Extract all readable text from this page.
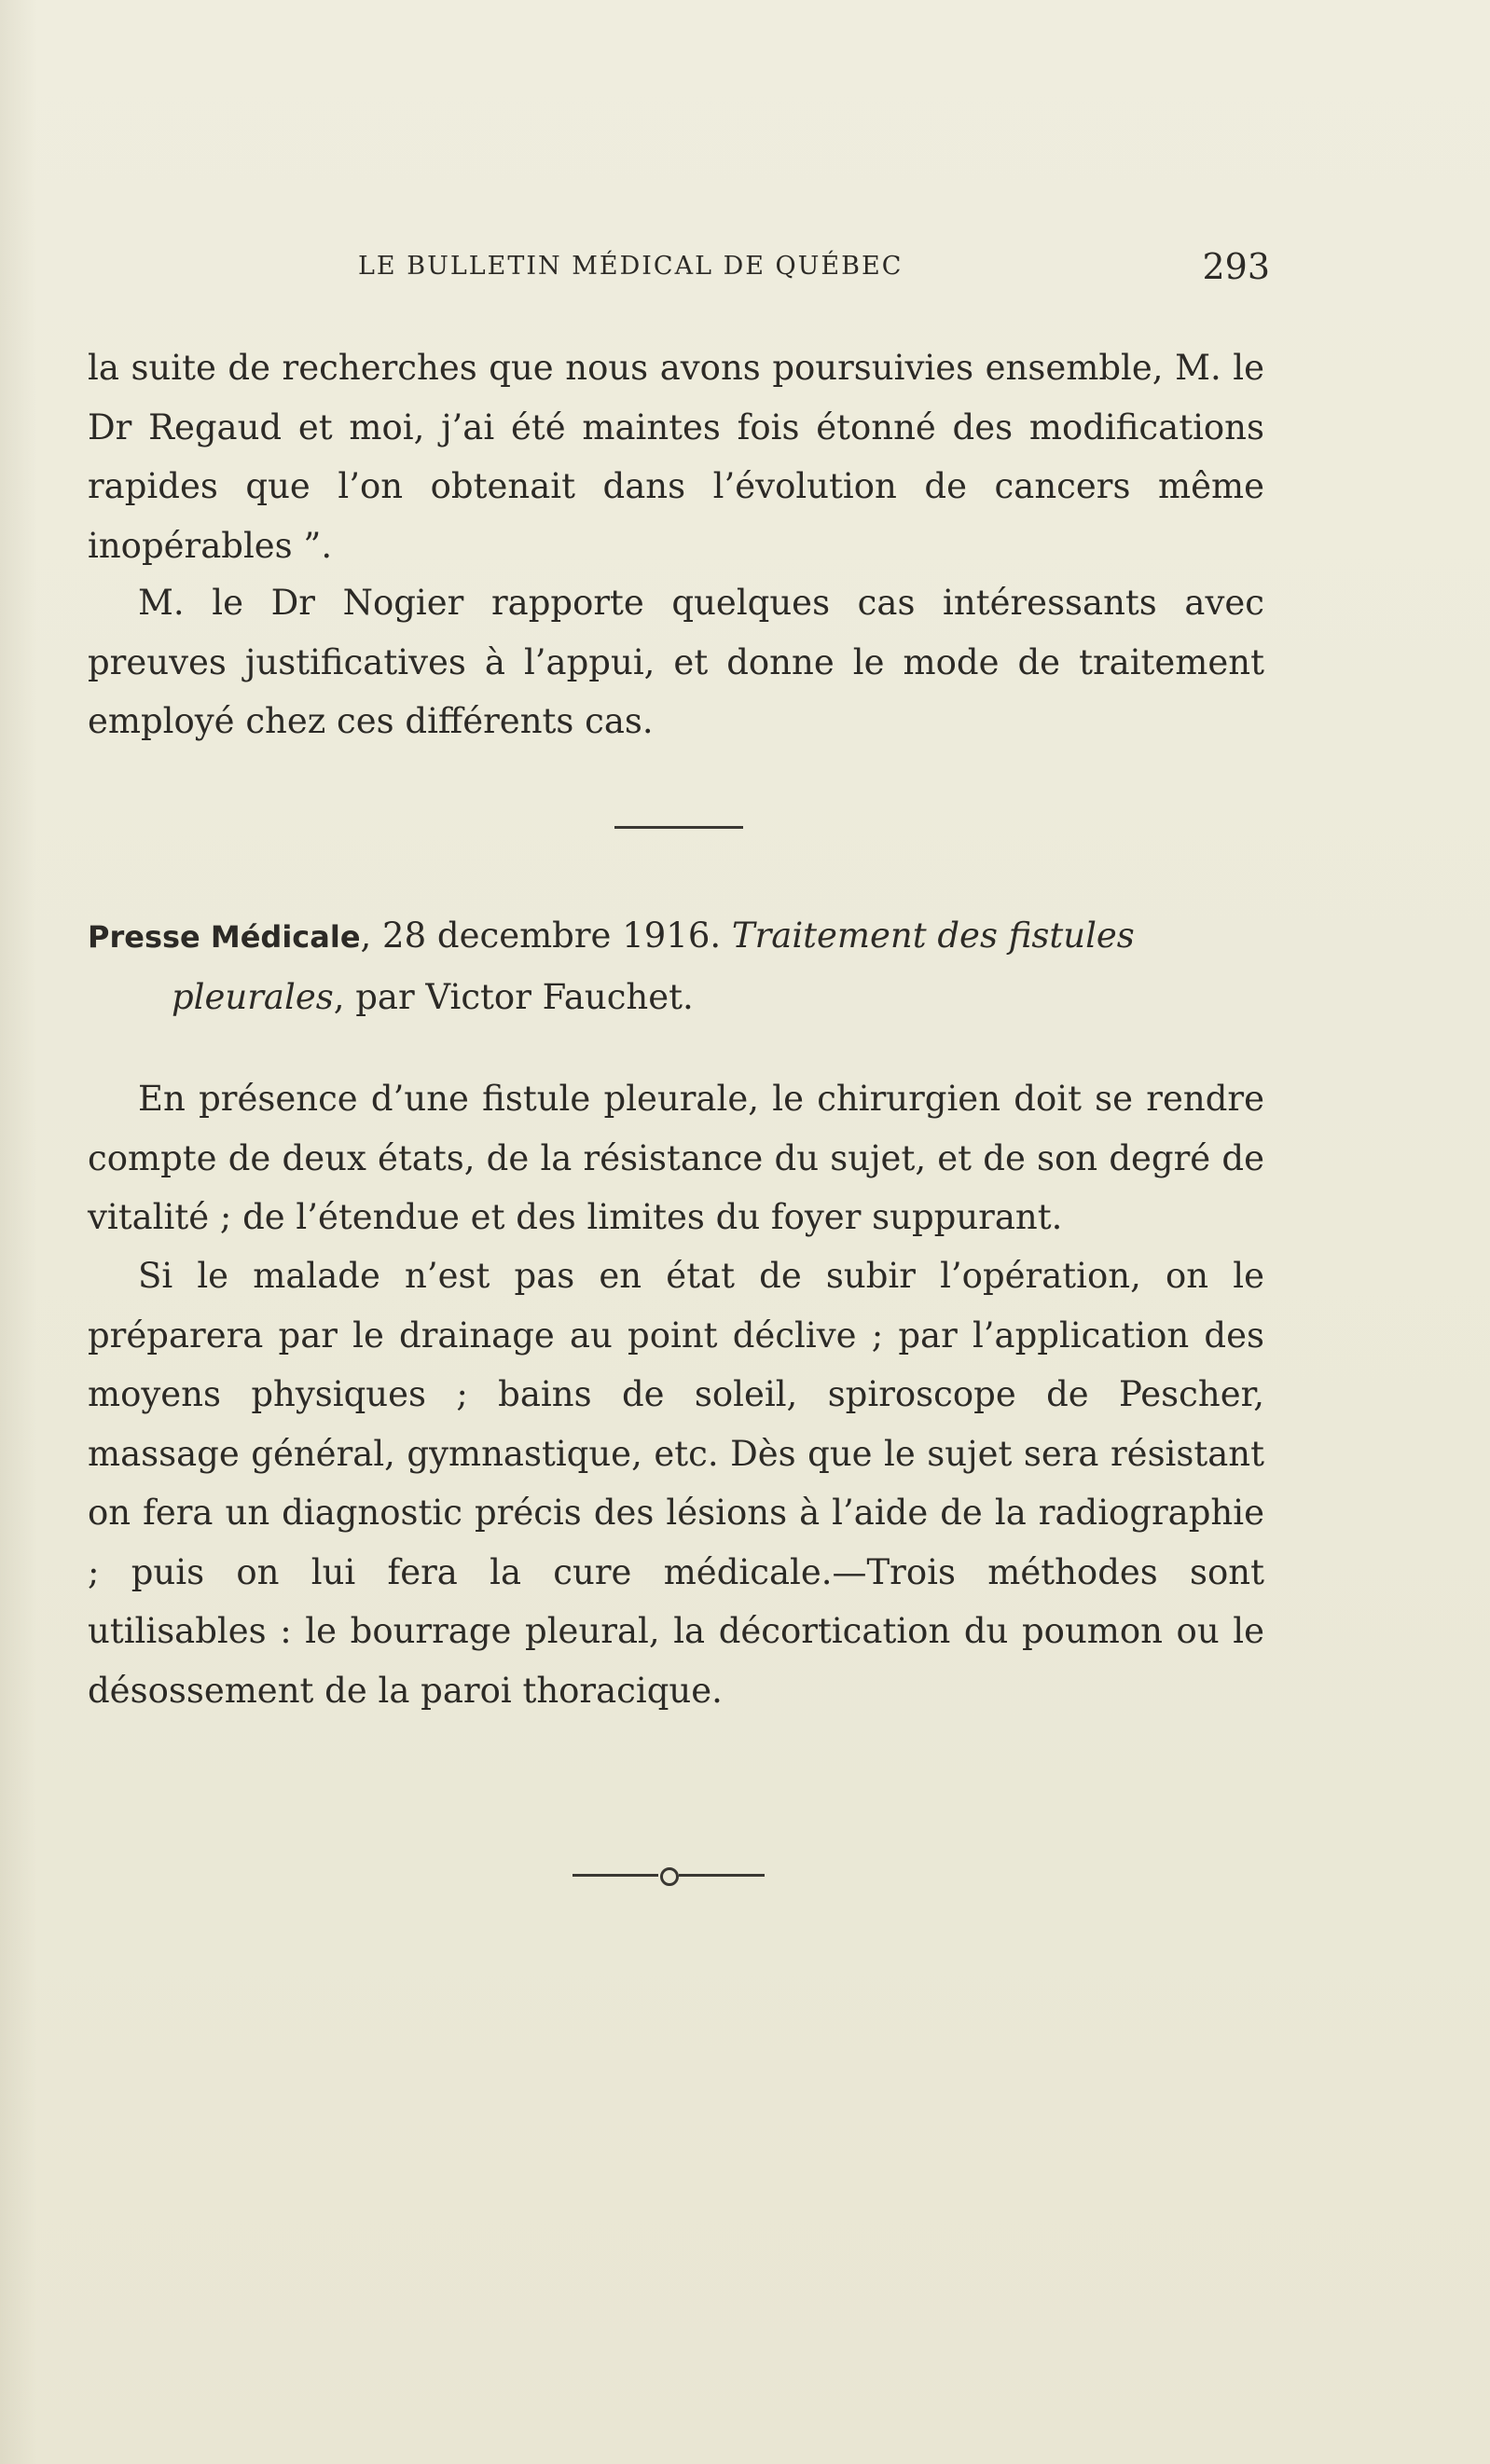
LE BULLETIN MÉDICAL DE QUÉBEC	293

la suite de recherches que nous avons poursuivies ensemble, M. le Dr Regaud et moi, j’ai été maintes fois étonné des modifications rapides que l’on obtenait dans l’évolution de cancers même inopérables ”.

M. le Dr Nogier rapporte quelques cas intéressants avec preuves justificatives à l’appui, et donne le mode de traitement employé chez ces différents cas.

Presse Médicale, 28 decembre 1916. Traitement des fistules pleurales, par Victor Fauchet.

En présence d’une fistule pleurale, le chirurgien doit se rendre compte de deux états, de la résistance du sujet, et de son degré de vitalité ; de l’étendue et des limites du foyer suppurant.

Si le malade n’est pas en état de subir l’opération, on le préparera par le drainage au point déclive ; par l’application des moyens physiques ; bains de soleil, spiroscope de Pescher, massage général, gymnastique, etc. Dès que le sujet sera résistant on fera un diagnostic précis des lésions à l’aide de la radiographie ; puis on lui fera la cure médicale.—Trois méthodes sont utilisables : le bourrage pleural, la décortication du poumon ou le désossement de la paroi thoracique.
